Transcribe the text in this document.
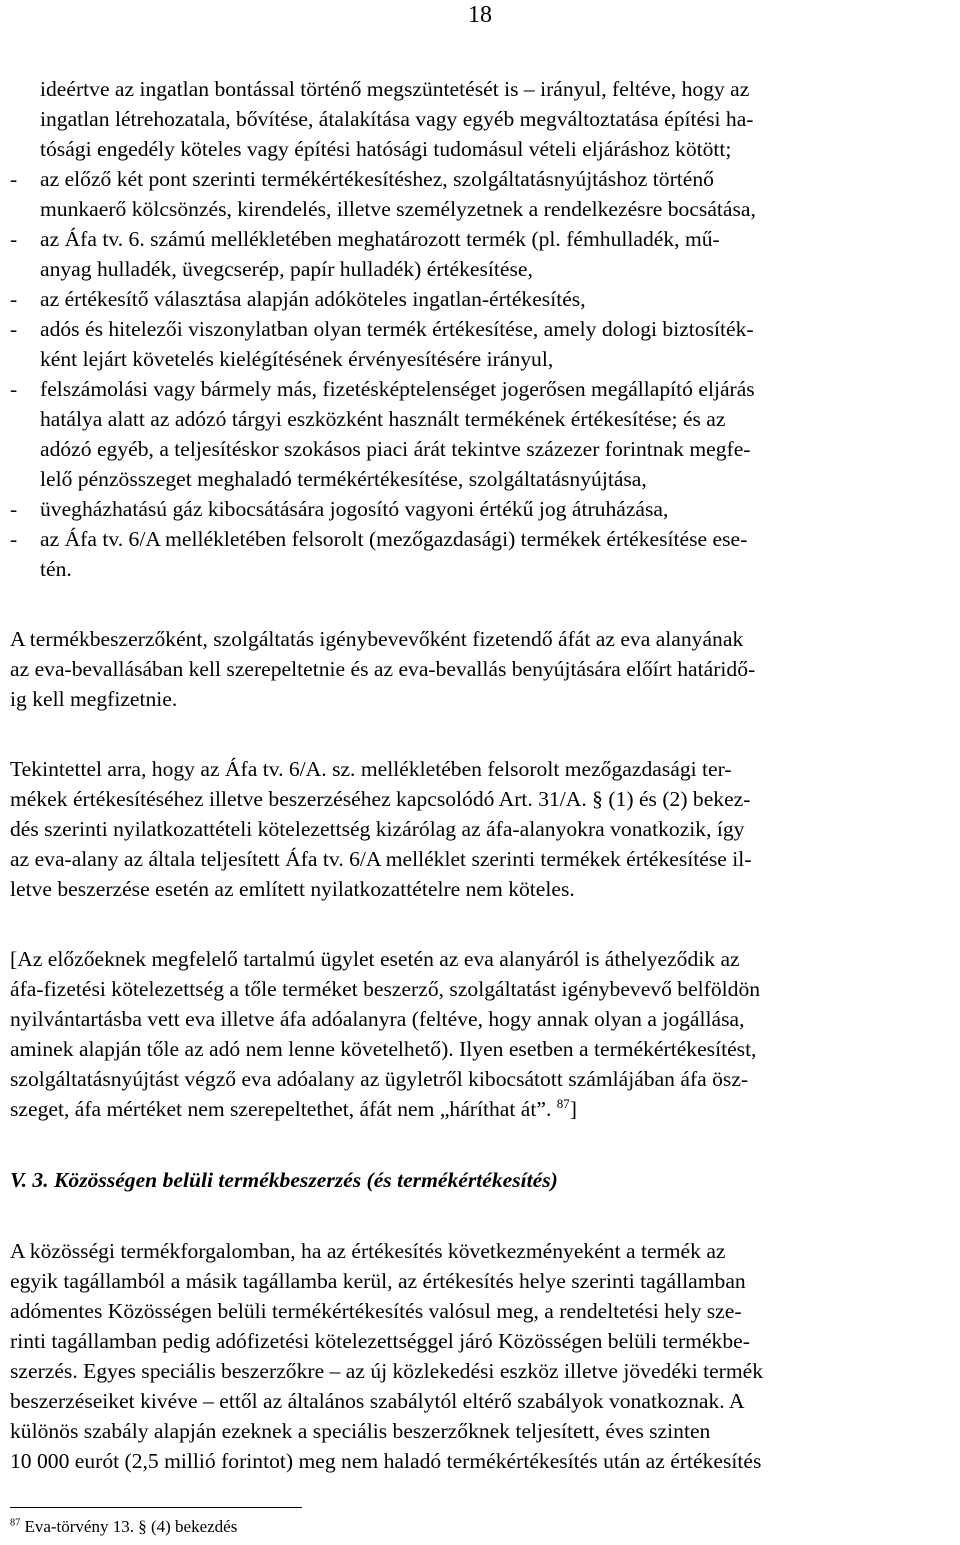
18
ideértve az ingatlan bontással történő megszüntetését is – irányul, feltéve, hogy az
ingatlan létrehozatala, bővítése, átalakítása vagy egyéb megváltoztatása építési ha-
tósági engedély köteles vagy építési hatósági tudomásul vételi eljáráshoz kötött;
- az előző két pont szerinti termékértékesítéshez, szolgáltatásnyújtáshoz történő
munkaerő kölcsönzés, kirendelés, illetve személyzetnek a rendelkezésre bocsátása,
- az Áfa tv. 6. számú mellékletében meghatározott termék (pl. fémhulladék, mű-
anyag hulladék, üvegcserép, papír hulladék) értékesítése,
- az értékesítő választása alapján adóköteles ingatlan-értékesítés,
- adós és hitelezői viszonylatban olyan termék értékesítése, amely dologi biztosíték-
ként lejárt követelés kielégítésének érvényesítésére irányul,
- felszámolási vagy bármely más, fizetésképtelenséget jogerősen megállapító eljárás
hatálya alatt az adózó tárgyi eszközként használt termékének értékesítése; és az
adózó egyéb, a teljesítéskor szokásos piaci árát tekintve százezer forintnak megfe-
lelő pénzösszeget meghaladó termékértékesítése, szolgáltatásnyújtása,
- üvegházhatású gáz kibocsátására jogosító vagyoni értékű jog átruházása,
- az Áfa tv. 6/A mellékletében felsorolt (mezőgazdasági) termékek értékesítése ese-
tén.
A termékbeszerzőként, szolgáltatás igénybevevőként fizetendő áfát az eva alanyának
az eva-bevallásában kell szerepeltetnie és az eva-bevallás benyújtására előírt határidő-
ig kell megfizetnie.
Tekintettel arra, hogy az Áfa tv. 6/A. sz. mellékletében felsorolt mezőgazdasági ter-
mékek értékesítéséhez illetve beszerzéséhez kapcsolódó Art. 31/A. § (1) és (2) bekez-
dés szerinti nyilatkozattételi kötelezettség kizárólag az áfa-alanyokra vonatkozik, így
az eva-alany az általa teljesített Áfa tv. 6/A melléklet szerinti termékek értékesítése il-
letve beszerzése esetén az említett nyilatkozattételre nem köteles.
[Az előzőeknek megfelelő tartalmú ügylet esetén az eva alanyáról is áthelyeződik az
áfa-fizetési kötelezettség a tőle terméket beszerző, szolgáltatást igénybevevő belföldön
nyilvántartásba vett eva illetve áfa adóalanyra (feltéve, hogy annak olyan a jogállása,
aminek alapján tőle az adó nem lenne követelhető). Ilyen esetben a termékértékesítést,
szolgáltatásnyújtást végző eva adóalany az ügyletről kibocsátott számlájában áfa ösz-
szeget, áfa mértéket nem szerepeltethet, áfát nem „háríthat át”. $^{87}$]
V. 3. Közösségen belüli termékbeszerzés (és termékértékesítés)
A közösségi termékforgalomban, ha az értékesítés következményeként a termék az
egyik tagállamból a másik tagállamba kerül, az értékesítés helye szerinti tagállamban
adómentes Közösségen belüli termékértékesítés valósul meg, a rendeltetési hely sze-
rinti tagállamban pedig adófizetési kötelezettséggel járó Közösségen belüli termékbe-
szerzés. Egyes speciális beszerzőkre – az új közlekedési eszköz illetve jövedéki termék
beszerzéseiket kivéve – ettől az általános szabálytól eltérő szabályok vonatkoznak. A
különös szabály alapján ezeknek a speciális beszerzőknek teljesített, éves szinten
10 000 eurót (2,5 millió forintot) meg nem haladó termékértékesítés után az értékesítés
$^{87}$ Eva-törvény 13. § (4) bekezdés
